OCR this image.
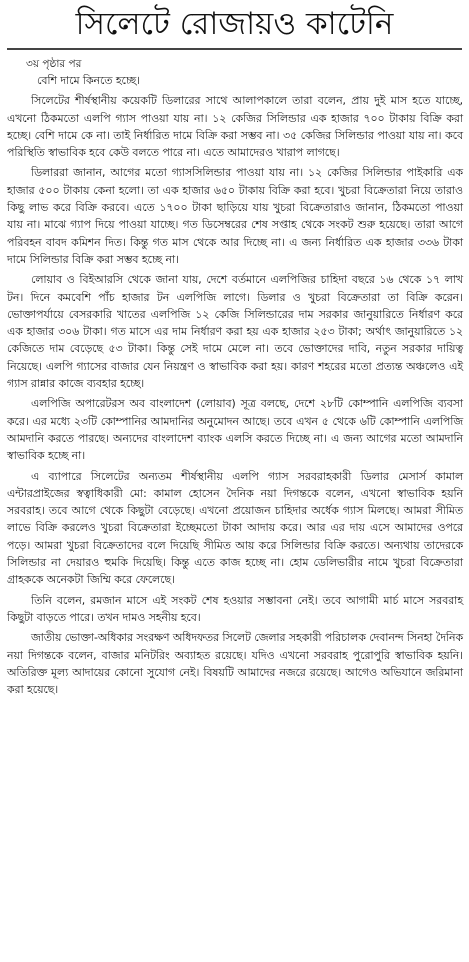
সিলেটে রোজায়ও কাটেনি
৩য় পৃষ্ঠার পর

বেশি দামে কিনতে হচ্ছে।

সিলেটের শীর্ষস্থানীয় কয়েকটি ডিলারের সাথে আলাপকালে তারা বলেন, প্রায় দুই মাস হতে যাচ্ছে, এখনো ঠিকমতো এলপি গ্যাস পাওয়া যায় না। ১২ কেজির সিলিন্ডার এক হাজার ৭০০ টাকায় বিক্রি করা হচ্ছে। বেশি দামে কে না। তাই নির্ধারিত দামে বিক্রি করা সম্ভব না। ৩৫ কেজির সিলিন্ডার পাওয়া যায় না। কবে পরিস্থিতি স্বাভাবিক হবে কেউ বলতে পারে না। এতে আমাদেরও খারাপ লাগছে।

ডিলাররা জানান, আগের মতো গ্যাসসিলিন্ডার পাওয়া যায় না। ১২ কেজির সিলিন্ডার পাইকারি এক হাজার ৫০০ টাকায় কেনা হলো। তা এক হাজার ৬৫০ টাকায় বিক্রি করা হবে। খুচরা বিক্রেতারা নিয়ে তারাও কিছু লাভ করে বিক্রি করবে। এতে ১৭০০ টাকা ছাড়িয়ে যায় খুচরা বিক্রেতারাও জানান, ঠিকমতো পাওয়া যায় না। মাঝে গ্যাপ দিয়ে পাওয়া যাচ্ছে। গত ডিসেম্বরের শেষ সপ্তাহ থেকে সংকট শুরু হয়েছে। তারা আগে পরিবহন বাবদ কমিশন দিত। কিন্তু গত মাস থেকে আর দিচ্ছে না। এ জন্য নির্ধারিত এক হাজার ৩৩৬ টাকা দামে সিলিন্ডার বিক্রি করা সম্ভব হচ্ছে না।

লোয়াব ও বিইআরসি থেকে জানা যায়, দেশে বর্তমানে এলপিজির চাহিদা বছরে ১৬ থেকে ১৭ লাখ টন। দিনে কমবেশি পাঁচ হাজার টন এলপিজি লাগে। ডিলার ও খুচরা বিক্রেতারা তা বিক্রি করেন। ভোক্তাপর্যায়ে বেসরকারি খাতের এলপিজি ১২ কেজি সিলিন্ডারের দাম সরকার জানুয়ারিতে নির্ধারণ করে এক হাজার ৩০৬ টাকা। গত মাসে এর দাম নির্ধারণ করা হয় এক হাজার ২৫৩ টাকা; অর্থাৎ জানুয়ারিতে ১২ কেজিতে দাম বেড়েছে ৫৩ টাকা। কিন্তু সেই দামে মেলে না। তবে ভোক্তাদের দাবি, নতুন সরকার দায়িত্ব নিয়েছে। এলপি গ্যাসের বাজার যেন নিয়ন্ত্রণ ও স্বাভাবিক করা হয়। কারণ শহরের মতো প্রত্যন্ত অঞ্চলেও এই গ্যাস রান্নার কাজে ব্যবহার হচ্ছে।

এলপিজি অপারেটরস অব বাংলাদেশ (লোয়াব) সূত্র বলছে, দেশে ২৮টি কোম্পানি এলপিজি ব্যবসা করে। এর মধ্যে ২৩টি কোম্পানির আমদানির অনুমোদন আছে। তবে এখন ৫ থেকে ৬টি কোম্পানি এলপিজি আমদানি করতে পারছে। অন্যদের বাংলাদেশ ব্যাংক এলসি করতে দিচ্ছে না। এ জন্য আগের মতো আমদানি স্বাভাবিক হচ্ছে না।

এ ব্যাপারে সিলেটের অন্যতম শীর্ষস্থানীয় এলপি গ্যাস সরবরাহকারী ডিলার মেসার্স কামাল এন্টারপ্রাইজের স্বত্বাধিকারী মো: কামাল হোসেন দৈনিক নয়া দিগন্তকে বলেন, এখনো স্বাভাবিক হয়নি সরবরাহ। তবে আগে থেকে কিছুটা বেড়েছে। এখনো প্রয়োজন চাহিদার অর্ধেক গ্যাস মিলছে। আমরা সীমিত লাভে বিক্রি করলেও খুচরা বিক্রেতারা ইচ্ছেমতো টাকা আদায় করে। আর এর দায় এসে আমাদের ওপরে পড়ে। আমরা খুচরা বিক্রেতাদের বলে দিয়েছি সীমিত আয় করে সিলিন্ডার বিক্রি করতে। অন্যথায় তাদেরকে সিলিন্ডার না দেয়ারও হুমকি দিয়েছি। কিন্তু এতে কাজ হচ্ছে না। হোম ডেলিভারীর নামে খুচরা বিক্রেতারা গ্রাহককে অনেকটা জিম্মি করে ফেলেছে।

তিনি বলেন, রমজান মাসে এই সংকট শেষ হওয়ার সম্ভাবনা নেই। তবে আগামী মার্চ মাসে সরবরাহ কিছুটা বাড়তে পারে। তখন দামও সহনীয় হবে।

জাতীয় ভোক্তা-অধিকার সংরক্ষণ অধিদফতর সিলেট জেলার সহকারী পরিচালক দেবানন্দ সিনহা দৈনিক নয়া দিগন্তকে বলেন, বাজার মনিটরিং অব্যাহত রয়েছে। যদিও এখনো সরবরাহ পুরোপুরি স্বাভাবিক হয়নি। অতিরিক্ত মূল্য আদায়ের কোনো সুযোগ নেই। বিষয়টি আমাদের নজরে রয়েছে। আগেও অভিযানে জরিমানা করা হয়েছে।
